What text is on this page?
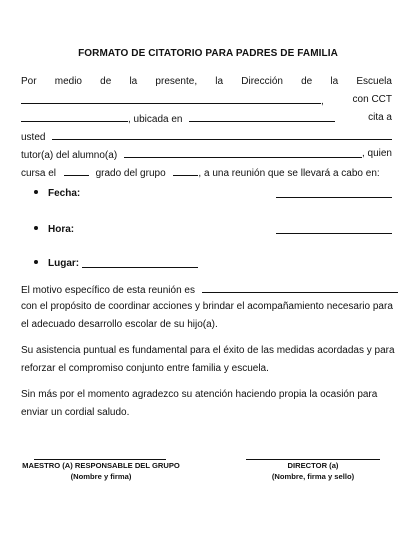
FORMATO DE CITATORIO PARA PADRES DE FAMILIA
Por medio de la presente, la Dirección de la Escuela
,	con CCT
, ubicada en	cita a
usted
tutor(a) del alumno(a)	, quien
cursa el	grado del grupo	, a una reunión que se llevará a cabo en:
Fecha:
Hora:
Lugar:
El motivo específico de esta reunión es
con el propósito de coordinar acciones y brindar el acompañamiento necesario para
el adecuado desarrollo escolar de su hijo(a).
Su asistencia puntual es fundamental para el éxito de las medidas acordadas y para
reforzar el compromiso conjunto entre familia y escuela.
Sin más por el momento agradezco su atención haciendo propia la ocasión para
enviar un cordial saludo.
MAESTRO (A) RESPONSABLE DEL GRUPO
(Nombre y firma)
DIRECTOR (a)
(Nombre, firma y sello)
